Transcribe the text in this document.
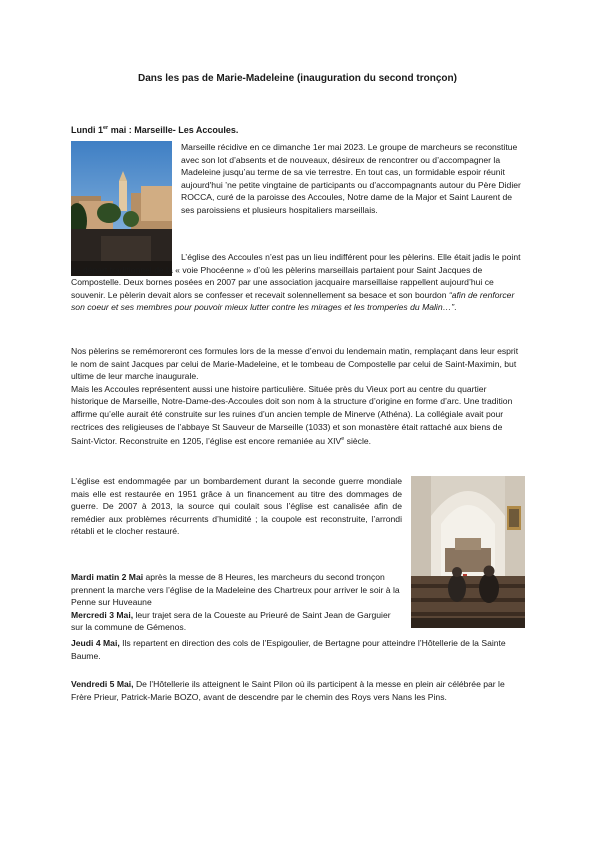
Dans les pas de Marie-Madeleine (inauguration du second tronçon)
Lundi 1er mai : Marseille- Les Accoules.
Marseille récidive en ce dimanche 1er mai 2023. Le groupe de marcheurs se reconstitue avec son lot d’absents et de nouveaux, désireux de rencontrer ou d’accompagner la Madeleine jusqu’au terme de sa vie terrestre. En tout cas, un formidable espoir réunit aujourd'hui ’ne petite vingtaine de participants ou d’accompagnants autour du Père Didier ROCCA, curé de la paroisse des Accoules, Notre dame de la Major et Saint Laurent de ses paroissiens et plusieurs hospitaliers marseillais.
L’église des Accoules n’est pas un lieu indifférent pour les pèlerins. Elle était jadis le point de départ traditionnel de la « voie Phocéenne » d’où les pèlerins marseillais partaient pour Saint Jacques de Compostelle. Deux bornes posées en 2007 par une association jacquaire marseillaise rappellent aujourd’hui ce souvenir. Le pèlerin devait alors se confesser et recevait solennellement sa besace et son bourdon “afin de renforcer son coeur et ses membres pour pouvoir mieux lutter contre les mirages et les tromperies du Malin…”.
Nos pèlerins se remémoreront ces formules lors de la messe d’envoi du lendemain matin, remplaçant dans leur esprit le nom de saint Jacques par celui de Marie-Madeleine, et le tombeau de Compostelle par celui de Saint-Maximin, but ultime de leur marche inaugurale.
Mais les Accoules représentent aussi une histoire particulière. Située près du Vieux port au centre du quartier historique de Marseille, Notre-Dame-des-Accoules doit son nom à la structure d’origine en forme d’arc. Une tradition affirme qu’elle aurait été construite sur les ruines d’un ancien temple de Minerve (Athéna). La collégiale avait pour rectrices des religieuses de l’abbaye St Sauveur de Marseille (1033) et son monastère était rattaché aux biens de Saint-Victor. Reconstruite en 1205, l’église est encore remaniée au XIVe siècle.
L’église est endommagée par un bombardement durant la seconde guerre mondiale mais elle est restaurée en 1951 grâce à un financement au titre des dommages de guerre. De 2007 à 2013, la source qui coulait sous l’église est canalisée afin de remédier aux problèmes récurrents d’humidité ; la coupole est reconstruite, l’arrondi rétabli et le clocher restauré.
Mardi matin 2 Mai après la messe de 8 Heures, les marcheurs du second tronçon prennent la marche vers l’église de la Madeleine des Chartreux pour arriver le soir à la Penne sur Huveaune
Mercredi 3 Mai, leur trajet sera de la Coueste au Prieuré de Saint Jean de Garguier sur la commune de Gémenos.
Jeudi 4 Mai, Ils repartent en direction des cols de l’Espigoulier, de Bertagne pour atteindre l’Hôtellerie de la Sainte Baume.
Vendredi 5 Mai, De l’Hôtellerie ils atteignent le Saint Pilon où ils participent à la messe en plein air célébrée par le Frère Prieur, Patrick-Marie BOZO, avant de descendre par le chemin des Roys vers Nans les Pins.
